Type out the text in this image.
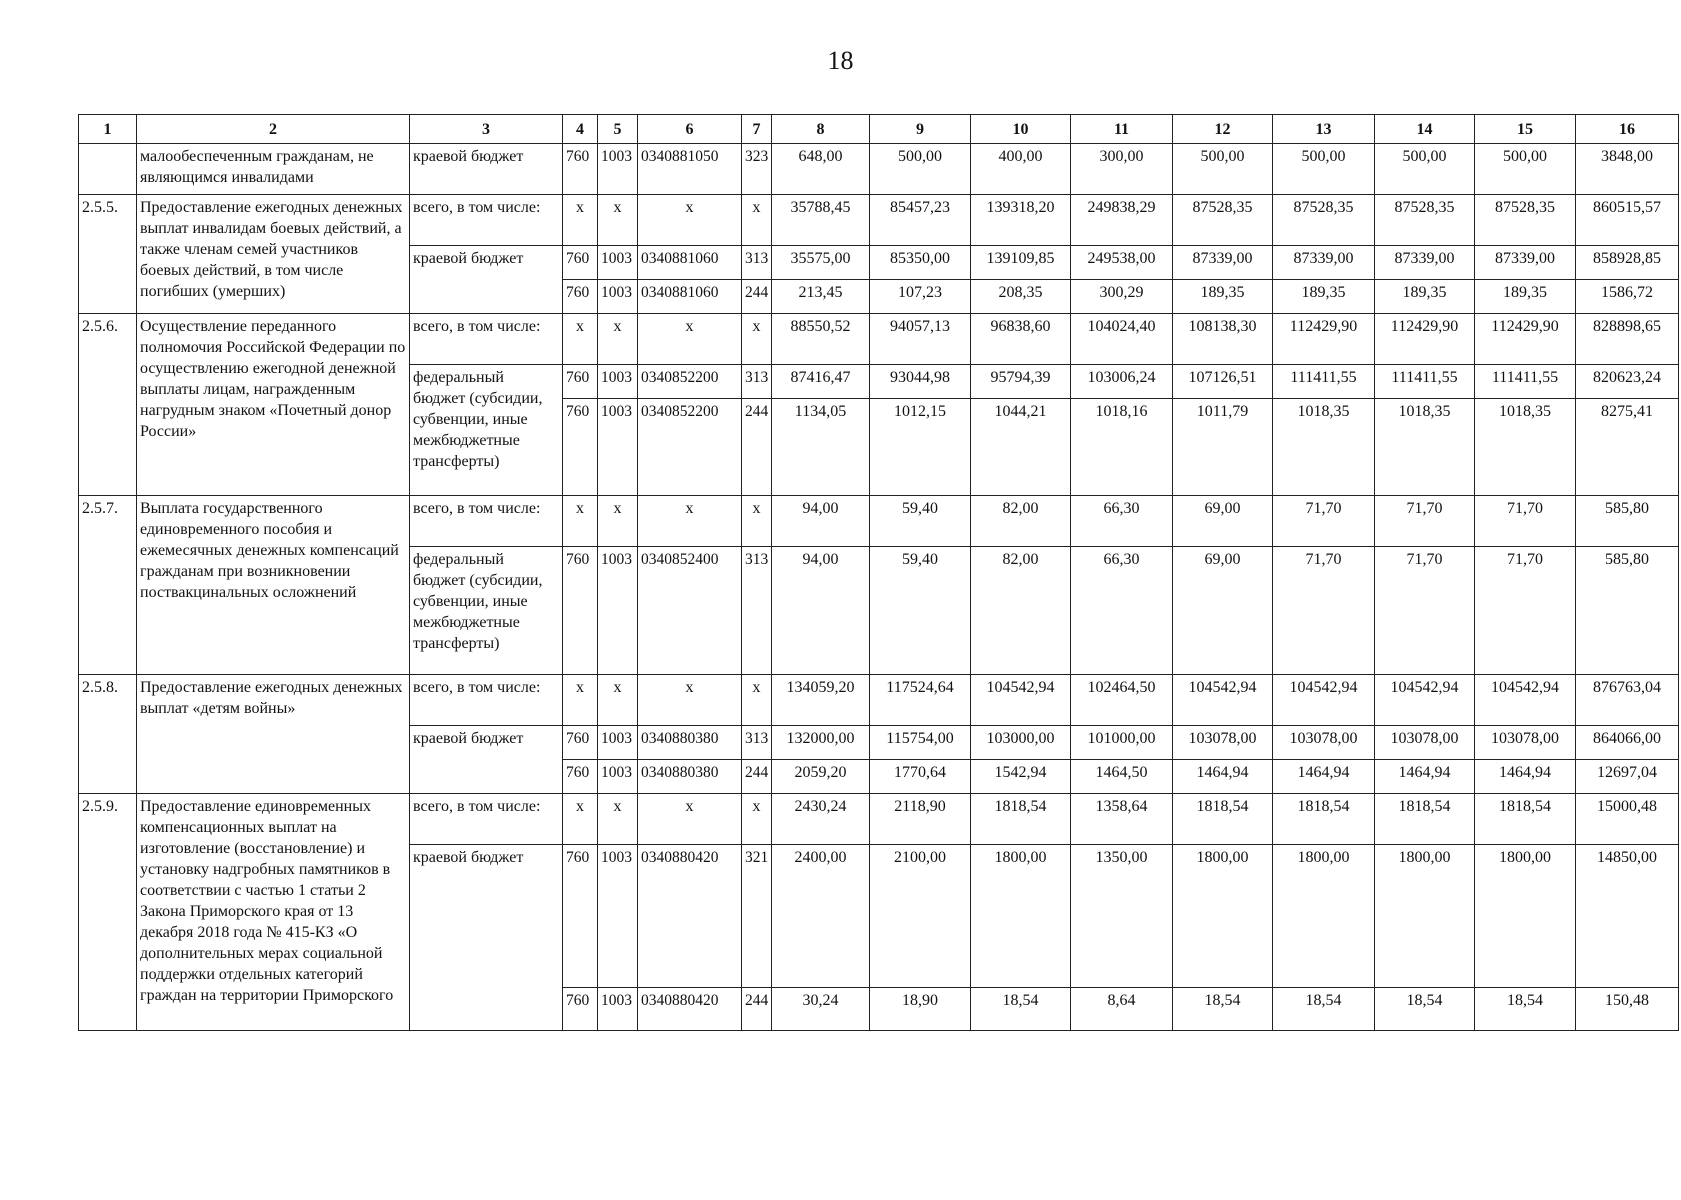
18
1	2	3	4	5	6	7	8	9	10	11	12	13	14	15	16
	малообеспеченным гражданам, не являющимся инвалидами	краевой бюджет	760	1003	0340881050	323	648,00	500,00	400,00	300,00	500,00	500,00	500,00	500,00	3848,00
2.5.5.	Предоставление ежегодных денежных выплат инвалидам боевых действий, а также членам семей участников боевых действий, в том числе погибших (умерших)	всего, в том числе:	х	х	х	х	35788,45	85457,23	139318,20	249838,29	87528,35	87528,35	87528,35	87528,35	860515,57
		краевой бюджет	760	1003	0340881060	313	35575,00	85350,00	139109,85	249538,00	87339,00	87339,00	87339,00	87339,00	858928,85
			760	1003	0340881060	244	213,45	107,23	208,35	300,29	189,35	189,35	189,35	189,35	1586,72
2.5.6.	Осуществление переданного полномочия Российской Федерации по осуществлению ежегодной денежной выплаты лицам, награжденным нагрудным знаком «Почетный донор России»	всего, в том числе:	х	х	х	х	88550,52	94057,13	96838,60	104024,40	108138,30	112429,90	112429,90	112429,90	828898,65
		федеральный бюджет (субсидии, субвенции, иные межбюджетные трансферты)	760	1003	0340852200	313	87416,47	93044,98	95794,39	103006,24	107126,51	111411,55	111411,55	111411,55	820623,24
			760	1003	0340852200	244	1134,05	1012,15	1044,21	1018,16	1011,79	1018,35	1018,35	1018,35	8275,41
2.5.7.	Выплата государственного единовременного пособия и ежемесячных денежных компенсаций гражданам при возникновении поствакцинальных осложнений	всего, в том числе:	х	х	х	х	94,00	59,40	82,00	66,30	69,00	71,70	71,70	71,70	585,80
		федеральный бюджет (субсидии, субвенции, иные межбюджетные трансферты)	760	1003	0340852400	313	94,00	59,40	82,00	66,30	69,00	71,70	71,70	71,70	585,80
2.5.8.	Предоставление ежегодных денежных выплат «детям войны»	всего, в том числе:	х	х	х	х	134059,20	117524,64	104542,94	102464,50	104542,94	104542,94	104542,94	104542,94	876763,04
		краевой бюджет	760	1003	0340880380	313	132000,00	115754,00	103000,00	101000,00	103078,00	103078,00	103078,00	103078,00	864066,00
			760	1003	0340880380	244	2059,20	1770,64	1542,94	1464,50	1464,94	1464,94	1464,94	1464,94	12697,04
2.5.9.	Предоставление единовременных компенсационных выплат на изготовление (восстановление) и установку надгробных памятников в соответствии с частью 1 статьи 2 Закона Приморского края от 13 декабря 2018 года № 415-КЗ «О дополнительных мерах социальной поддержки отдельных категорий граждан на территории Приморского	всего, в том числе:	х	х	х	х	2430,24	2118,90	1818,54	1358,64	1818,54	1818,54	1818,54	1818,54	15000,48
		краевой бюджет	760	1003	0340880420	321	2400,00	2100,00	1800,00	1350,00	1800,00	1800,00	1800,00	1800,00	14850,00
			760	1003	0340880420	244	30,24	18,90	18,54	8,64	18,54	18,54	18,54	18,54	150,48
